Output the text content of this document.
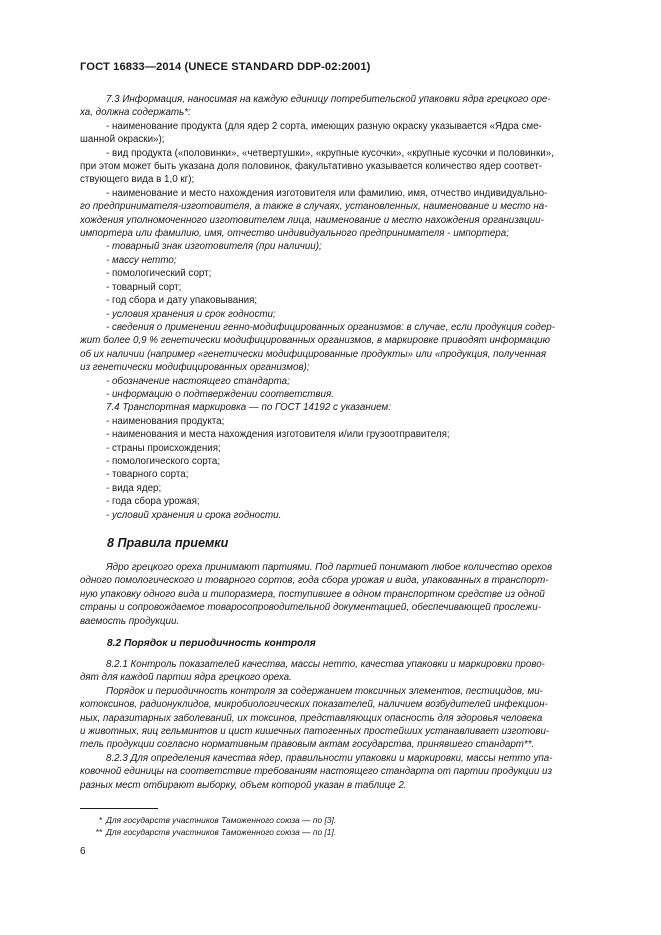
ГОСТ 16833—2014 (UNECE STANDARD DDP-02:2001)

7.3 Информация, наносимая на каждую единицу потребительской упаковки ядра грецкого оре-

ха, должна содержать*:

- наименование продукта (для ядер 2 сорта, имеющих разную окраску указывается «Ядра сме-

шанной окраски»);

- вид продукта («половинки», «четвертушки», «крупные кусочки», «крупные кусочки и половинки»,

при этом может быть указана доля половинок, факультативно указывается количество ядер соответ-

ствующего вида в 1,0 кг);

- наименование и место нахождения изготовителя или фамилию, имя, отчество индивидуально-

го предпринимателя-изготовителя, а также в случаях, установленных, наименование и место на-

хождения уполномоченного изготовителем лица, наименование и место нахождения организации-

импортера или фамилию, имя, отчество индивидуального предпринимателя - импортера;

- товарный знак изготовителя (при наличии);

- массу нетто;

- помологический сорт;

- товарный сорт;

- год сбора и дату упаковывания;

- условия хранения и срок годности;

- сведения о применении генно-модифицированных организмов: в случае, если продукция содер-

жит более 0,9 % генетически модифицированных организмов, в маркировке приводят информацию

об их наличии (например «генетически модифицированные продукты» или «продукция, полученная

из генетически модифицированных организмов);

- обозначение настоящего стандарта;

- информацию о подтверждении соответствия.

7.4 Транспортная маркировка — по ГОСТ 14192 с указанием:

- наименования продукта;

- наименования и места нахождения изготовителя и/или грузоотправителя;

- страны происхождения;

- помологического сорта;

- товарного сорта;

- вида ядер;

- года сбора урожая;

- условий хранения и срока годности.

8 Правила приемки

Ядро грецкого ореха принимают партиями. Под партией понимают любое количество орехов

одного помологического и товарного сортов, года сбора урожая и вида, упакованных в транспорт-

ную упаковку одного вида и типоразмера, поступившее в одном транспортном средстве из одной

страны и сопровождаемое товаросопроводительной документацией, обеспечивающей прослежи-

ваемость продукции.

8.2 Порядок и периодичность контроля

8.2.1 Контроль показателей качества, массы нетто, качества упаковки и маркировки прово-

дят для каждой партии ядра грецкого ореха.

Порядок и периодичность контроля за содержанием токсичных элементов, пестицидов, ми-

котоксинов, радионуклидов, микробиологических показателей, наличием возбудителей инфекцион-

ных, паразитарных заболеваний, их токсинов, представляющих опасность для здоровья человека

и животных, яиц гельминтов и цист кишечных патогенных простейших устанавливает изготови-

тель продукции согласно нормативным правовым актам государства, принявшего стандарт**.

8.2.3 Для определения качества ядер, правильности упаковки и маркировки, массы нетто упа-

ковочной единицы на соответствие требованиям настоящего стандарта от партии продукции из

разных мест отбирают выборку, объем которой указан в таблице 2.

* Для государств участников Таможенного союза — по [3].
** Для государств участников Таможенного союза — по [1].
6
